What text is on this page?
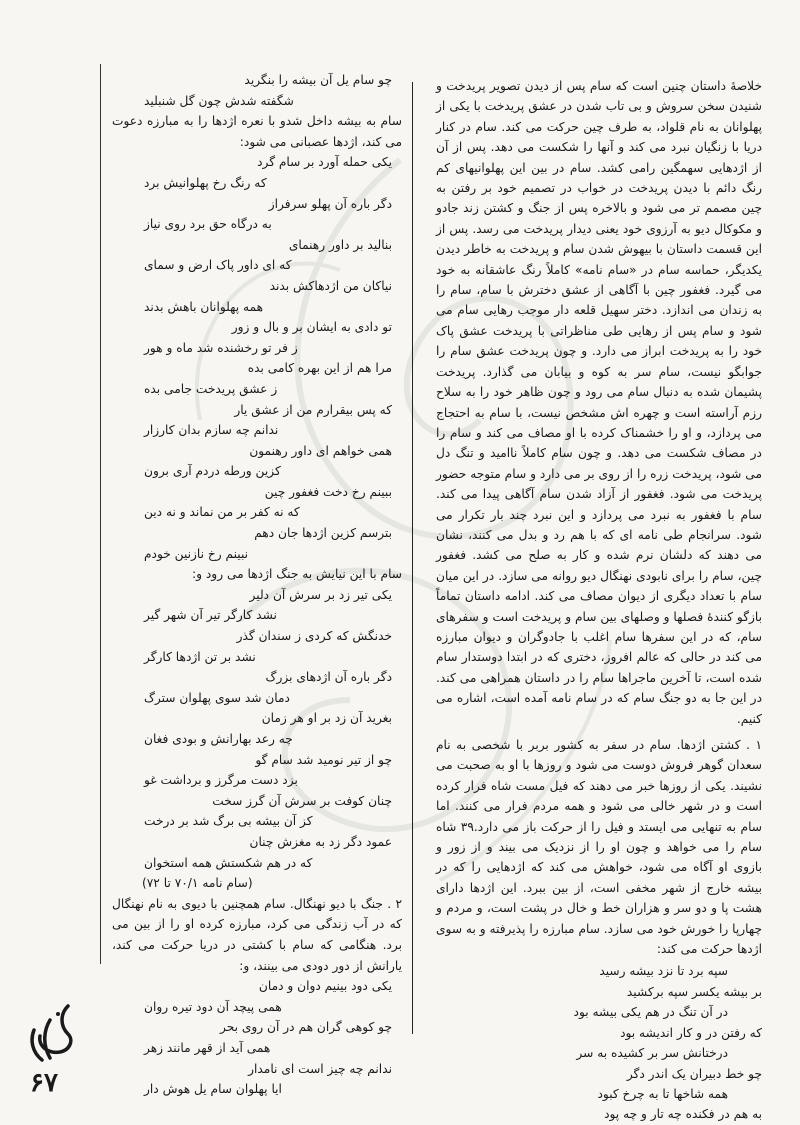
خلاصهٔ داستان چنین است که سام پس از دیدن تصویر پریدخت و شنیدن سخن سروش و بی تاب شدن در عشق پریدخت با یکی از پهلوانان به نام قلواد، به طرف چین حرکت می کند. سام در کنار دریا با زنگیان نبرد می کند و آنها را شکست می دهد. پس از آن از اژدهایی سهمگین رامی کشد. سام در بین این پهلوانیهای کم رنگ دائم با دیدن پریدخت در خواب در تصمیم خود بر رفتن به چین مصمم تر می شود و بالاخره پس از جنگ و کشتن زند جادو و مکوکال دیو به آرزوی خود یعنی دیدار پریدخت می رسد. پس از این قسمت داستان با بیهوش شدن سام و پریدخت به خاطر دیدن یکدیگر، حماسه سام در «سام نامه» کاملاً رنگ عاشقانه به خود می گیرد. فغفور چین با آگاهی از عشق دخترش با سام، سام را به زندان می اندازد. دختر سهیل قلعه دار موجب رهایی سام می شود و سام پس از رهایی طی مناظراتی با پریدخت عشق پاک خود را به پریدخت ابراز می دارد. و چون پریدخت عشق سام را جوابگو نیست، سام سر به کوه و بیابان می گذارد. پریدخت پشیمان شده به دنبال سام می رود و چون ظاهر خود را به سلاح رزم آراسته است و چهره اش مشخص نیست، با سام به احتجاج می پردازد، و او را خشمناک کرده با او مصاف می کند و سام را در مصاف شکست می دهد. و چون سام کاملاً ناامید و تنگ دل می شود، پریدخت زره را از روی بر می دارد و سام متوجه حضور پریدخت می شود. فغفور از آزاد شدن سام آگاهی پیدا می کند. سام با فغفور به نبرد می پردازد و این نبرد چند بار تکرار می شود. سرانجام طی نامه ای که با هم رد و بدل می کنند، نشان می دهند که دلشان نرم شده و کار به صلح می کشد. فغفور چین، سام را برای نابودی نهنگال دیو روانه می سازد. در این میان سام با تعداد دیگری از دیوان مصاف می کند. ادامه داستان تماماً بازگو کنندهٔ فصلها و وصلهای بین سام و پریدخت است و سفرهای سام، که در این سفرها سام اغلب با جادوگران و دیوان مبارزه می کند در حالی که عالم افروز، دختری که در ابتدا دوستدار سام شده است، تا آخرین ماجراها سام را در داستان همراهی می کند. در این جا به دو جنگ سام که در سام نامه آمده است، اشاره می کنیم.

۱ . کشتن اژدها. سام در سفر به کشور بربر با شخصی به نام سعدان گوهر فروش دوست می شود و روزها با او به صحبت می نشیند. یکی از روزها خبر می دهند که فیل مست شاه فرار کرده است و در شهر خالی می شود و همه مردم فرار می کنند. اما سام به تنهایی می ایستد و فیل را از حرکت باز می دارد.۳۹ شاه سام را می خواهد و چون او را از نزدیک می بیند و از زور و بازوی او آگاه می شود، خواهش می کند که اژدهایی را که در بیشه خارج از شهر مخفی است، از بین ببرد. این اژدها دارای هشت پا و دو سر و هزاران خط و خال در پشت است، و مردم و چهارپا را خورش خود می سازد. سام مبارزه را پذیرفته و به سوی اژدها حرکت می کند:

سپه برد تا نزد بیشه رسید
بر بیشه یکسر سپه برکشید
در آن تنگ در هم یکی بیشه بود
که رفتن در و کار اندیشه بود
درختانش سر بر کشیده به سر
چو خط دبیران یک اندر دگر
همه شاخها تا به چرخ کبود
به هم در فکنده چه تار و چه پود
چو سام یل آن بیشه را بنگرید
شگفته شدش چون گل شنبلید

سام به بیشه داخل شدو با نعره اژدها را به مبارزه دعوت می کند، اژدها عصبانی می شود:

یکی حمله آورد بر سام گرد
که رنگ رخ پهلوانیش برد
دگر باره آن پهلو سرفراز
به درگاه حق برد روی نیاز
بنالید بر داور رهنمای
که ای داور پاک ارض و سمای
نیاکان من اژدهاکش بدند
همه پهلوانان باهش بدند
تو دادی به ایشان بر و بال و زور
ز فر تو رخشنده شد ماه و هور
مرا هم از این بهره کامی بده
ز عشق پریدخت جامی بده
که پس بیقرارم من از عشق یار
ندانم چه سازم بدان کارزار
همی خواهم ای داور رهنمون
کزین ورطه دردم آری برون
ببینم رخ دخت فغفور چین
که نه کفر بر من نماند و نه دین
بترسم کزین اژدها جان دهم
نبینم رخ نازنین خودم

سام با این نیایش به جنگ اژدها می رود و:

یکی تیر زد بر سرش آن دلیر
نشد کارگر تیر آن شهر گیر
خدنگش که کردی ز سندان گذر
نشد بر تن اژدها کارگر
دگر باره آن اژدهای بزرگ
دمان شد سوی پهلوان سترگ
بغرید آن زد بر او هر زمان
چه رعد بهارانش و بودی فغان
چو از تیر نومید شد سام گو
بزد دست مرگرز و برداشت غو
چنان کوفت بر سرش آن گرز سخت
کز آن بیشه بی برگ شد بر درخت
عمود دگر زد به مغزش چنان
که در هم شکستش همه استخوان

(سام نامه ۷۰/۱ تا ۷۲)

۲ . جنگ با دیو نهنگال. سام همچنین با دیوی به نام نهنگال که در آب زندگی می کرد، مبارزه کرده او را از بین می برد. هنگامی که سام با کشتی در دریا حرکت می کند، یارانش از دور دودی می بینند، و:

یکی دود بینیم دوان و دمان
همی پیچد آن دود تیره روان
چو کوهی گران هم در آن روی بحر
همی آید از قهر مانند زهر
ندانم چه چیز است ای نامدار
ایا پهلوان سام یل هوش دار
۶۷
